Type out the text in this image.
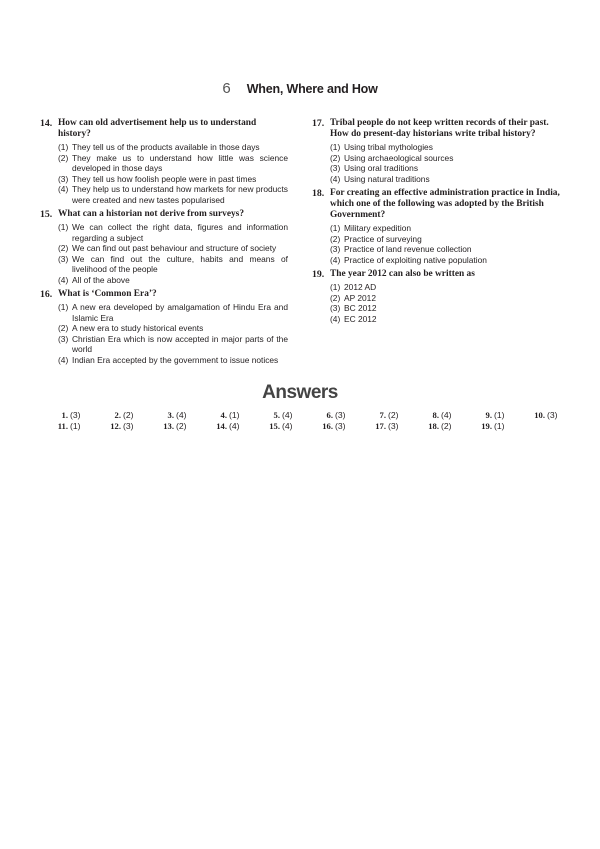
6 When, Where and How
14. How can old advertisement help us to understand history?
(1) They tell us of the products available in those days
(2) They make us to understand how little was science developed in those days
(3) They tell us how foolish people were in past times
(4) They help us to understand how markets for new products were created and new tastes popularised
15. What can a historian not derive from surveys?
(1) We can collect the right data, figures and information regarding a subject
(2) We can find out past behaviour and structure of society
(3) We can find out the culture, habits and means of livelihood of the people
(4) All of the above
16. What is ‘Common Era’?
(1) A new era developed by amalgamation of Hindu Era and Islamic Era
(2) A new era to study historical events
(3) Christian Era which is now accepted in major parts of the world
(4) Indian Era accepted by the government to issue notices
17. Tribal people do not keep written records of their past. How do present-day historians write tribal history?
(1) Using tribal mythologies
(2) Using archaeological sources
(3) Using oral traditions
(4) Using natural traditions
18. For creating an effective administration practice in India, which one of the following was adopted by the British Government?
(1) Military expedition
(2) Practice of surveying
(3) Practice of land revenue collection
(4) Practice of exploiting native population
19. The year 2012 can also be written as
(1) 2012 AD
(2) AP 2012
(3) BC 2012
(4) EC 2012
Answers
1. (3)	2. (2)	3. (4)	4. (1)	5. (4)	6. (3)	7. (2)	8. (4)	9. (1)	10. (3)
11. (1)	12. (3)	13. (2)	14. (4)	15. (4)	16. (3)	17. (3)	18. (2)	19. (1)
